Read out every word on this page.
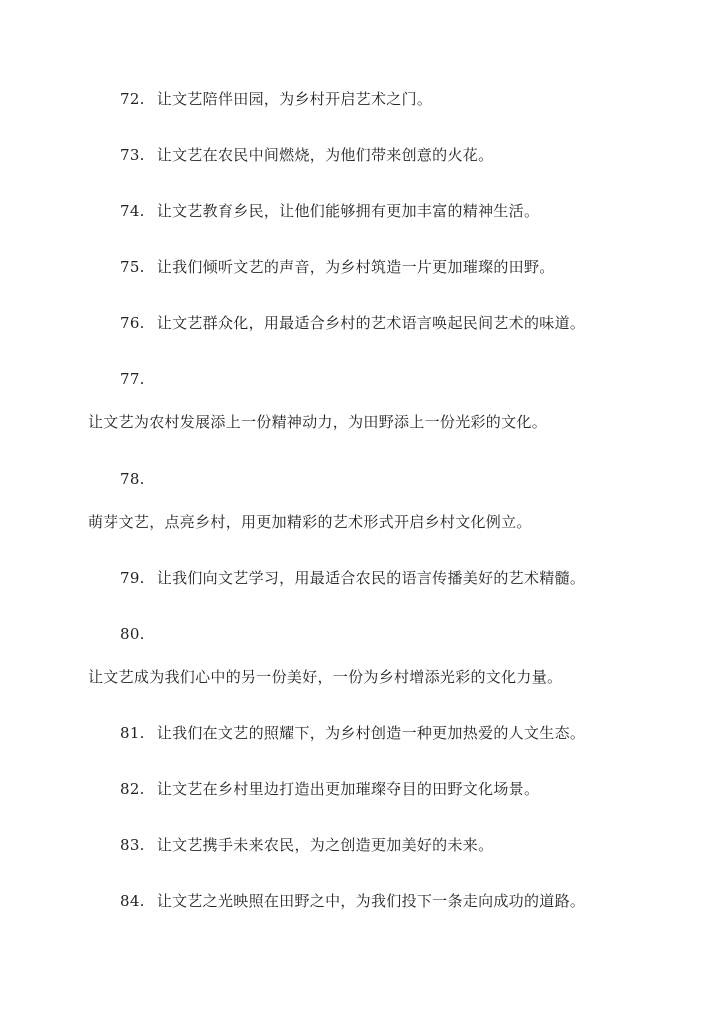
72. 让文艺陪伴田园，为乡村开启艺术之门。
73. 让文艺在农民中间燃烧，为他们带来创意的火花。
74. 让文艺教育乡民，让他们能够拥有更加丰富的精神生活。
75. 让我们倾听文艺的声音，为乡村筑造一片更加璀璨的田野。
76. 让文艺群众化，用最适合乡村的艺术语言唤起民间艺术的味道。
77.
让文艺为农村发展添上一份精神动力，为田野添上一份光彩的文化。
78.
萌芽文艺，点亮乡村，用更加精彩的艺术形式开启乡村文化例立。
79. 让我们向文艺学习，用最适合农民的语言传播美好的艺术精髓。
80.
让文艺成为我们心中的另一份美好，一份为乡村增添光彩的文化力量。
81. 让我们在文艺的照耀下，为乡村创造一种更加热爱的人文生态。
82. 让文艺在乡村里边打造出更加璀璨夺目的田野文化场景。
83. 让文艺携手未来农民，为之创造更加美好的未来。
84. 让文艺之光映照在田野之中，为我们投下一条走向成功的道路。
